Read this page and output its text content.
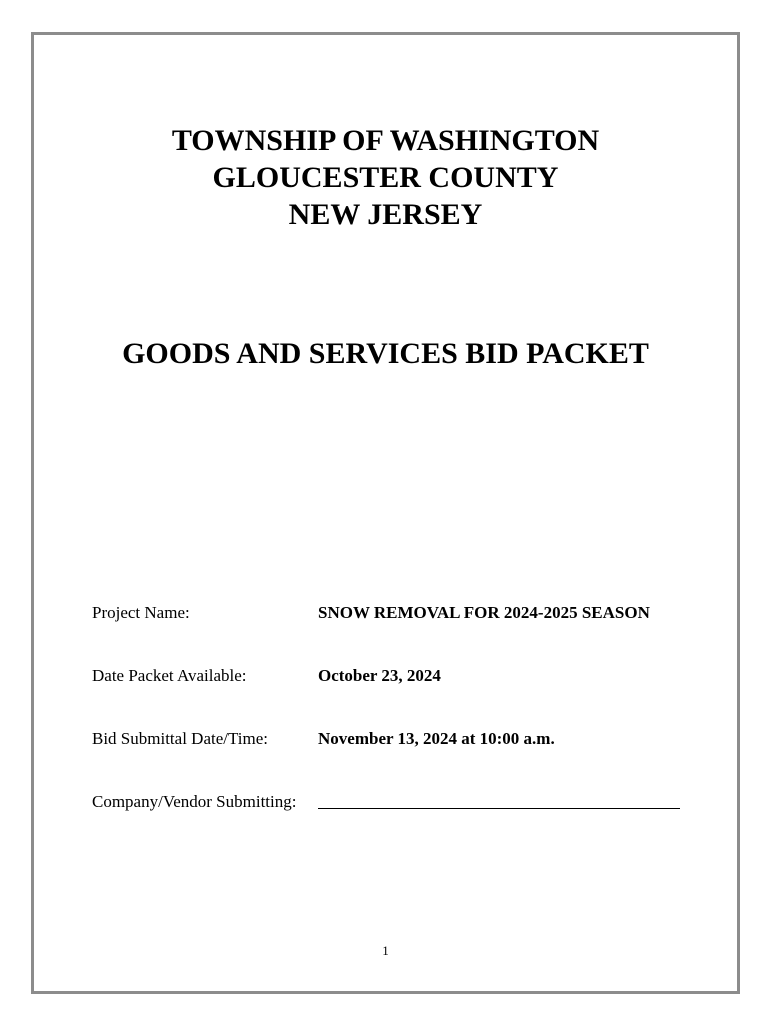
TOWNSHIP OF WASHINGTON

GLOUCESTER COUNTY

NEW JERSEY

GOODS AND SERVICES BID PACKET

Project Name:	SNOW REMOVAL FOR 2024-2025 SEASON
Date Packet Available:	October 23, 2024
Bid Submittal Date/Time:	November 13, 2024 at 10:00 a.m.
Company/Vendor Submitting:
1
